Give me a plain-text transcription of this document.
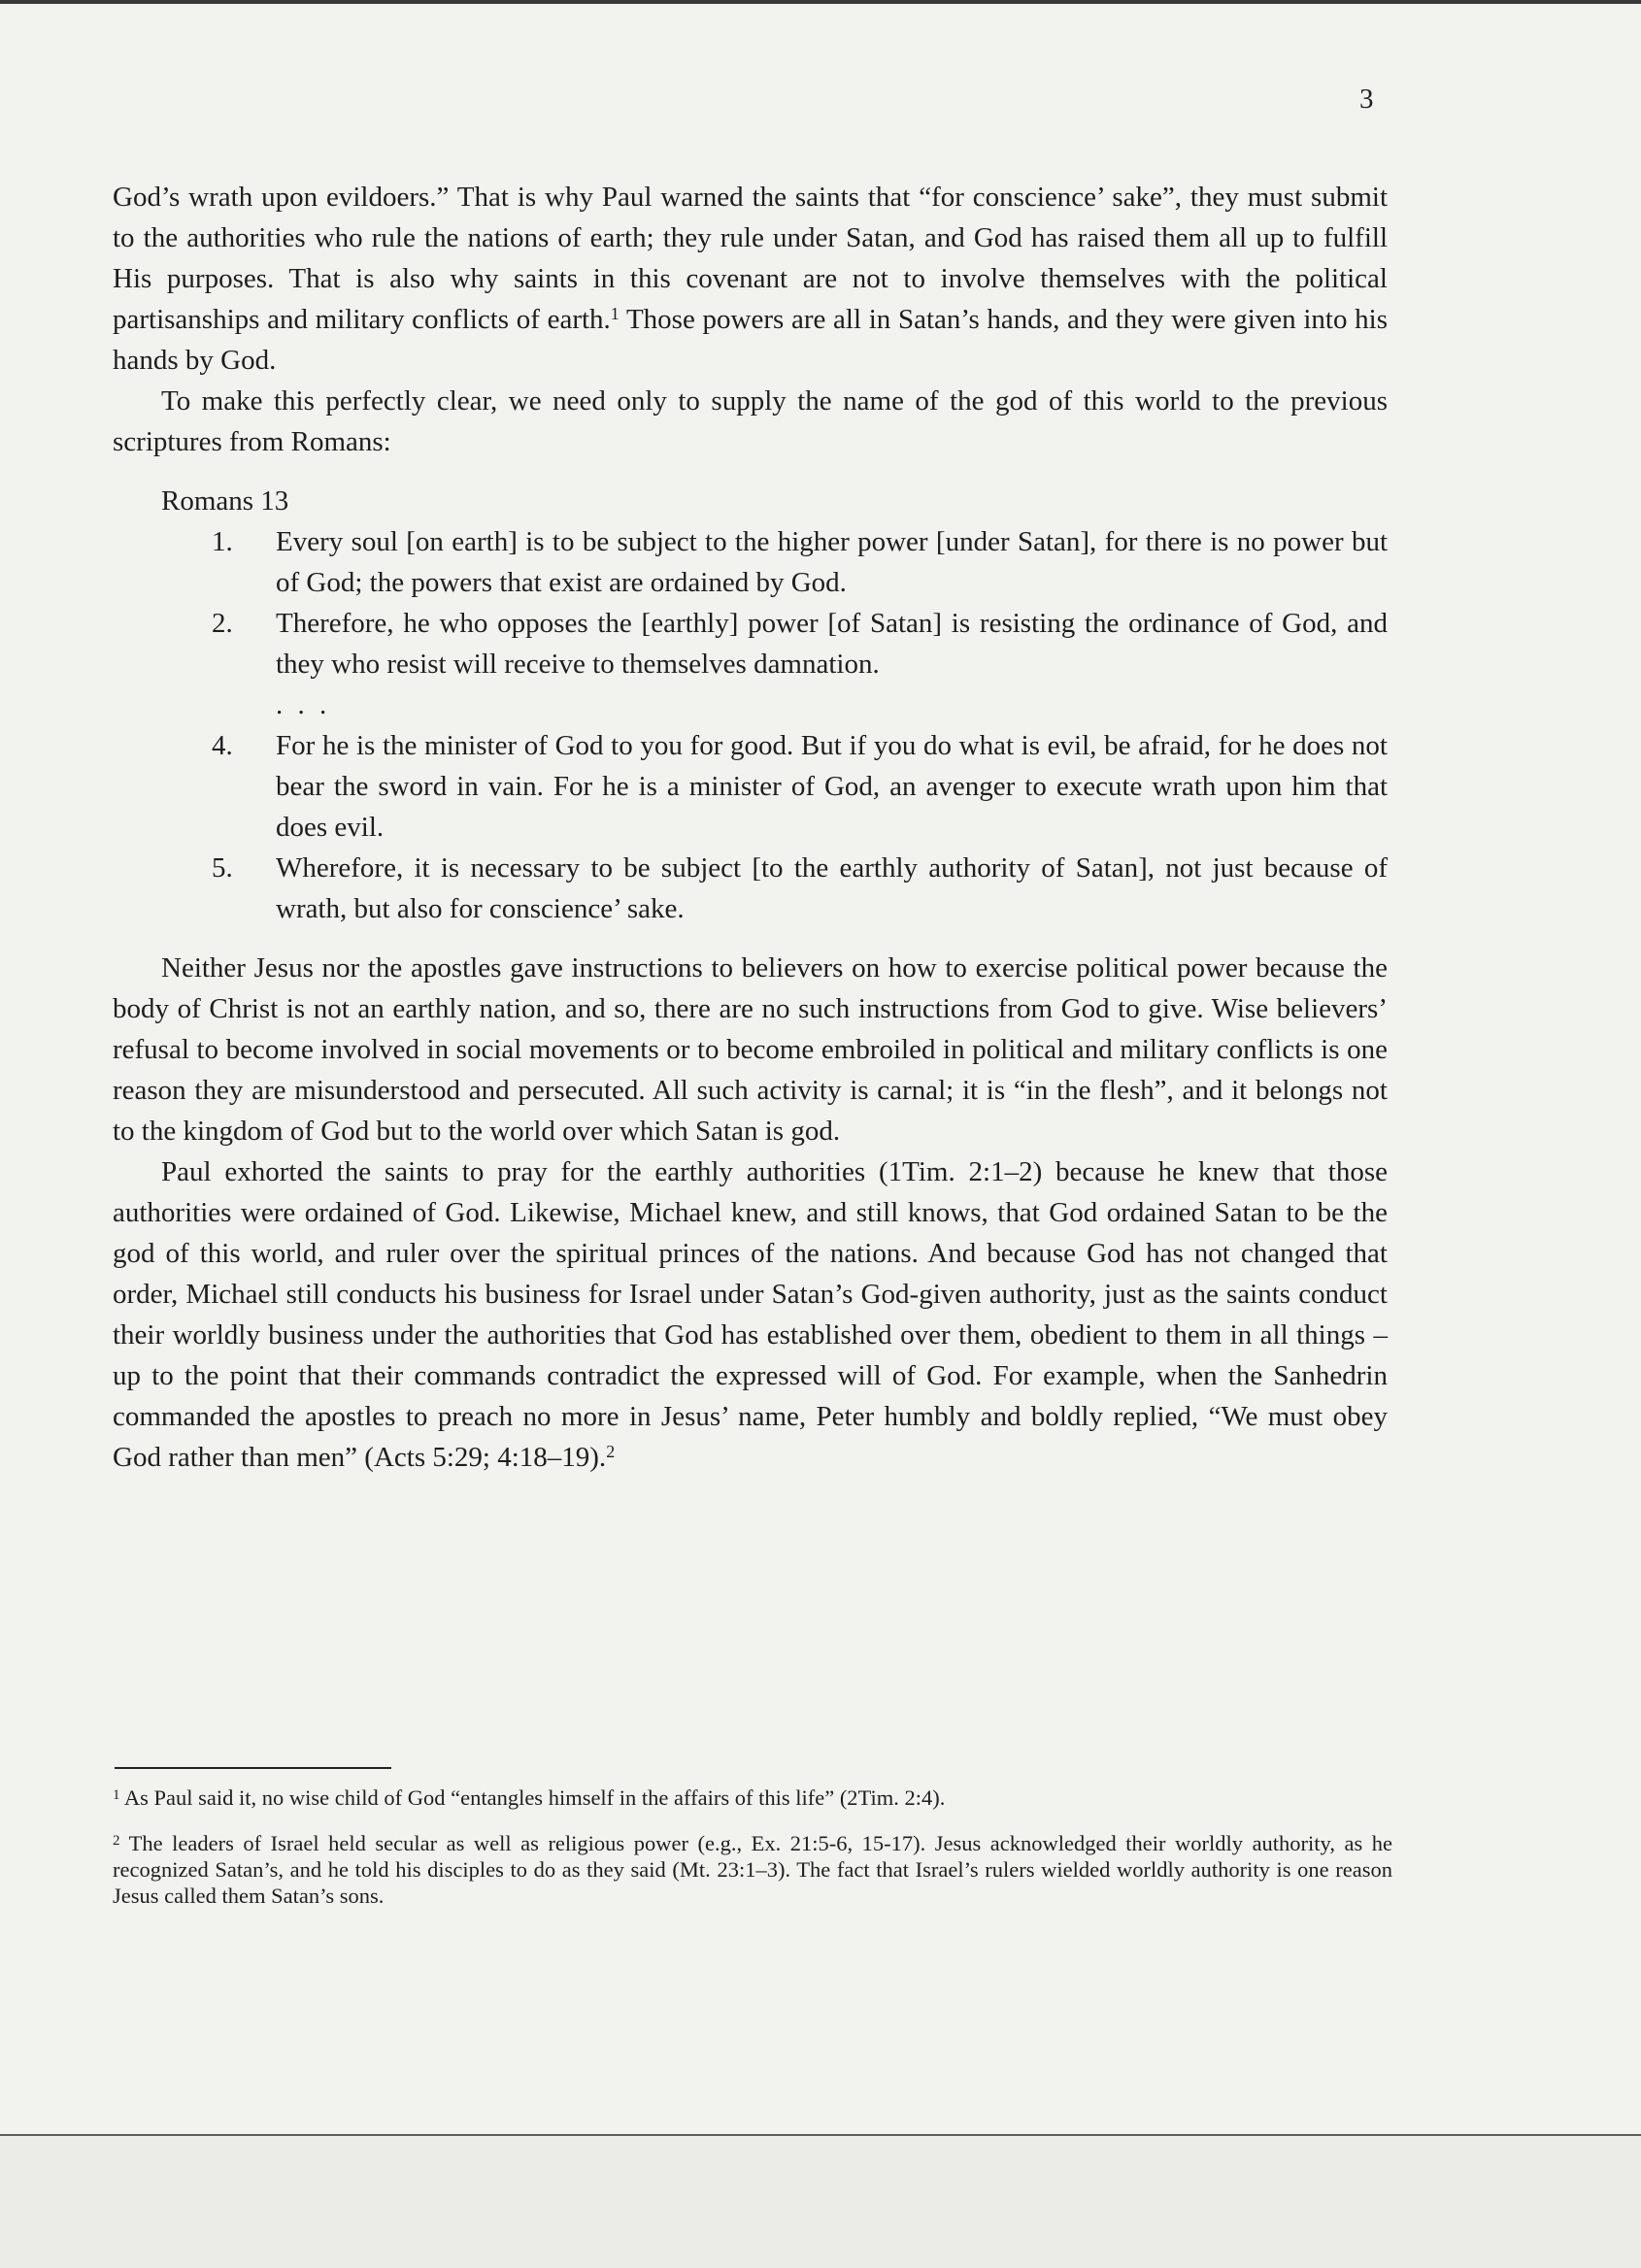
3

God’s wrath upon evildoers.” That is why Paul warned the saints that “for conscience’ sake”, they must submit to the authorities who rule the nations of earth; they rule under Satan, and God has raised them all up to fulfill His purposes. That is also why saints in this covenant are not to involve themselves with the political partisanships and military conflicts of earth.$^1$ Those powers are all in Satan’s hands, and they were given into his hands by God.

To make this perfectly clear, we need only to supply the name of the god of this world to the previous scriptures from Romans:

Romans 13
1. Every soul [on earth] is to be subject to the higher power [under Satan], for there is no power but of God; the powers that exist are ordained by God.
2. Therefore, he who opposes the [earthly] power [of Satan] is resisting the ordinance of God, and they who resist will receive to themselves damnation.
. . .
4. For he is the minister of God to you for good. But if you do what is evil, be afraid, for he does not bear the sword in vain. For he is a minister of God, an avenger to execute wrath upon him that does evil.
5. Wherefore, it is necessary to be subject [to the earthly authority of Satan], not just because of wrath, but also for conscience’ sake.

Neither Jesus nor the apostles gave instructions to believers on how to exercise political power because the body of Christ is not an earthly nation, and so, there are no such instructions from God to give. Wise believers’ refusal to become involved in social movements or to become embroiled in political and military conflicts is one reason they are misunderstood and persecuted. All such activity is carnal; it is “in the flesh”, and it belongs not to the kingdom of God but to the world over which Satan is god.

Paul exhorted the saints to pray for the earthly authorities (1Tim. 2:1–2) because he knew that those authorities were ordained of God. Likewise, Michael knew, and still knows, that God ordained Satan to be the god of this world, and ruler over the spiritual princes of the nations. And because God has not changed that order, Michael still conducts his business for Israel under Satan’s God-given authority, just as the saints conduct their worldly business under the authorities that God has established over them, obedient to them in all things – up to the point that their commands contradict the expressed will of God. For example, when the Sanhedrin commanded the apostles to preach no more in Jesus’ name, Peter humbly and boldly replied, “We must obey God rather than men” (Acts 5:29; 4:18–19).$^2$

$^1$ As Paul said it, no wise child of God “entangles himself in the affairs of this life” (2Tim. 2:4).

$^2$ The leaders of Israel held secular as well as religious power (e.g., Ex. 21:5-6, 15-17). Jesus acknowledged their worldly authority, as he recognized Satan’s, and he told his disciples to do as they said (Mt. 23:1–3). The fact that Israel’s rulers wielded worldly authority is one reason Jesus called them Satan’s sons.
